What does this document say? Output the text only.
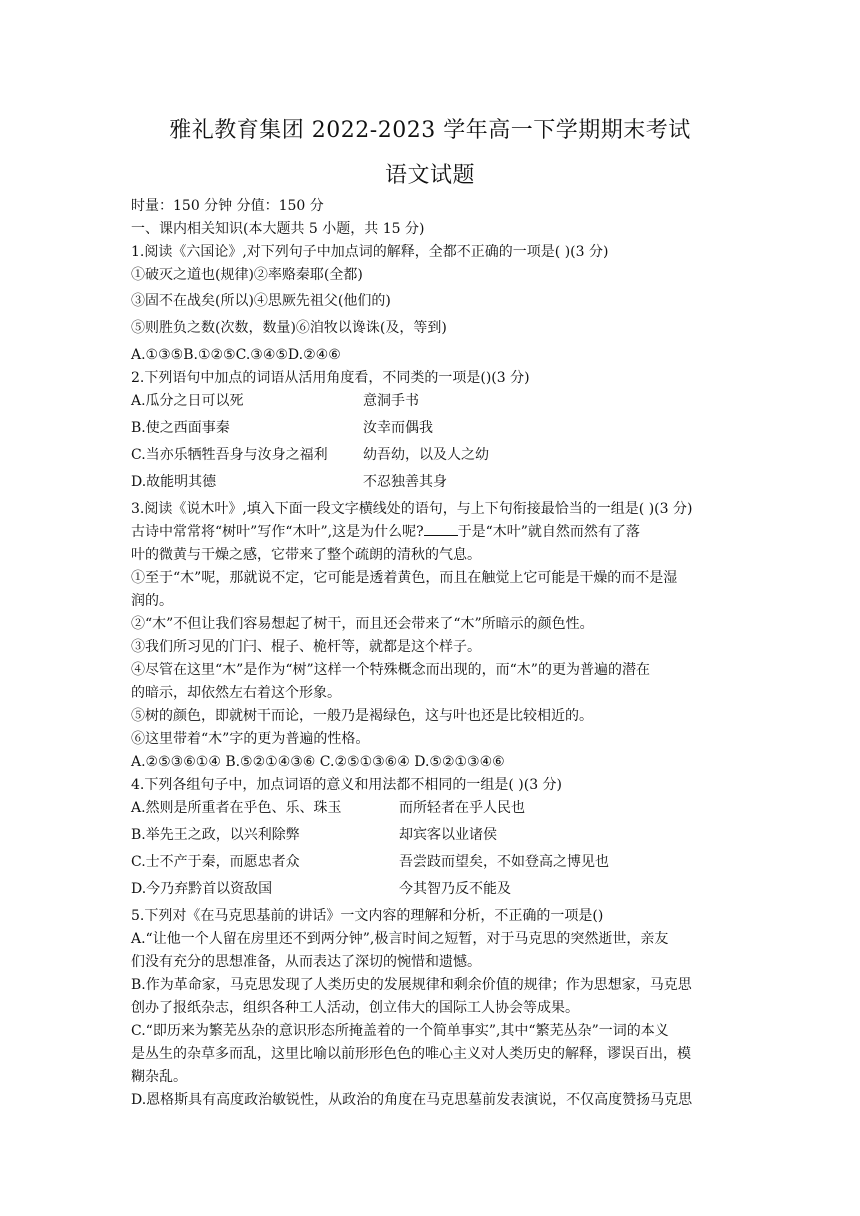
雅礼教育集团 2022-2023 学年高一下学期期末考试
语文试题
时量：150 分钟 分值：150 分
一、课内相关知识(本大题共 5 小题，共 15 分)
1.阅读《六国论》,对下列句子中加点词的解释，全都不正确的一项是( )(3 分)
①破灭之道也(规律)②率赂秦耶(全都)
③固不在战矣(所以)④思厥先祖父(他们的)
⑤则胜负之数(次数，数量)⑥洎牧以谗诛(及，等到)
A.①③⑤B.①②⑤C.③④⑤D.②④⑥
2.下列语句中加点的词语从活用角度看，不同类的一项是()(3 分)
A.瓜分之日可以死	意洞手书
B.使之西面事秦	汝幸而偶我
C.当亦乐牺牲吾身与汝身之福利	幼吾幼，以及人之幼
D.故能明其德	不忍独善其身
3.阅读《说木叶》,填入下面一段文字横线处的语句，与上下句衔接最恰当的一组是( )(3 分)
古诗中常常将“树叶”写作“木叶”,这是为什么呢? 于是“木叶”就自然而然有了落
叶的微黄与干燥之感，它带来了整个疏朗的清秋的气息。
①至于“木”呢，那就说不定，它可能是透着黄色，而且在触觉上它可能是干燥的而不是湿
润的。
②“木”不但让我们容易想起了树干，而且还会带来了“木”所暗示的颜色性。
③我们所习见的门闩、棍子、桅杆等，就都是这个样子。
④尽管在这里“木”是作为“树”这样一个特殊概念而出现的，而“木”的更为普遍的潜在
的暗示，却依然左右着这个形象。
⑤树的颜色，即就树干而论，一般乃是褐绿色，这与叶也还是比较相近的。
⑥这里带着“木”字的更为普遍的性格。
A.②⑤③⑥①④ B.⑤②①④③⑥ C.②⑤①③⑥④ D.⑤②①③④⑥
4.下列各组句子中，加点词语的意义和用法都不相同的一组是( )(3 分)
A.然则是所重者在乎色、乐、珠玉	而所轻者在乎人民也
B.举先王之政，以兴利除弊	却宾客以业诸侯
C.士不产于秦，而愿忠者众	吾尝跂而望矣，不如登高之博见也
D.今乃弃黔首以资敌国	今其智乃反不能及
5.下列对《在马克思基前的讲话》一文内容的理解和分析，不正确的一项是()
A.“让他一个人留在房里还不到两分钟”,极言时间之短暂，对于马克思的突然逝世，亲友
们没有充分的思想准备，从而表达了深切的惋惜和遗憾。
B.作为革命家，马克思发现了人类历史的发展规律和剩余价值的规律；作为思想家，马克思
创办了报纸杂志，组织各种工人活动，创立伟大的国际工人协会等成果。
C.“即历来为繁芜丛杂的意识形态所掩盖着的一个简单事实”,其中“繁芜丛杂”一词的本义
是丛生的杂草多而乱，这里比喻以前形形色色的唯心主义对人类历史的解释，谬误百出，模
糊杂乱。
D.恩格斯具有高度政治敏锐性，从政治的角度在马克思墓前发表演说，不仅高度赞扬马克思
